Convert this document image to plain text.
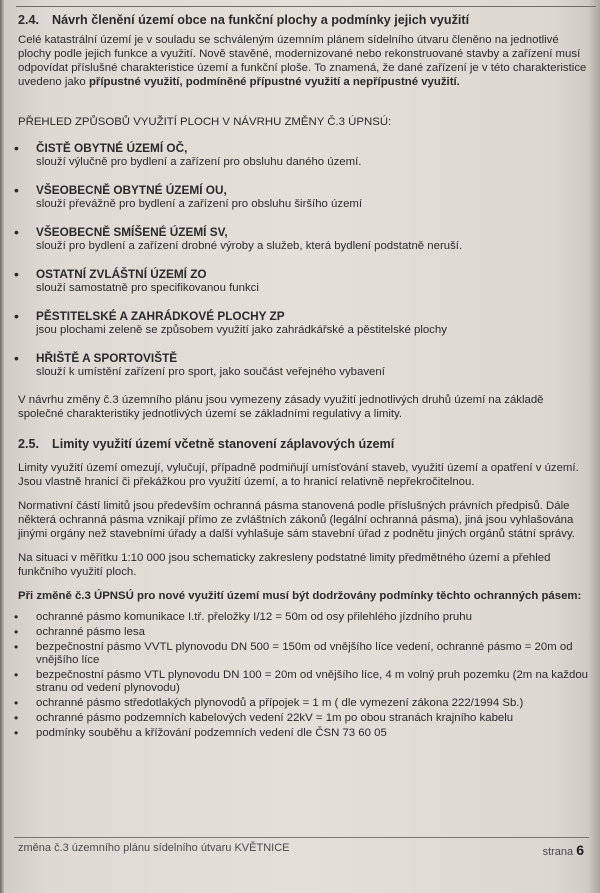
2.4.	Návrh členění území obce na funkční plochy a podmínky jejich využití
Celé katastrální území je v souladu se schváleným územním plánem sídelního útvaru členěno na jednotlivé plochy podle jejich funkce a využití. Nově stavěné, modernizované nebo rekonstruované stavby a zařízení musí odpovídat příslušné charakteristice území a funkční ploše. To znamená, že dané zařízení je v této charakteristice uvedeno jako přípustné využití, podmíněné přípustné využití a nepřípustné využití.
PŘEHLED ZPŮSOBŮ VYUŽITÍ PLOCH V NÁVRHU ZMĚNY Č.3 ÚPNSÚ:
•	ČISTĚ OBYTNÉ ÚZEMÍ OČ,
slouží výlučně pro bydlení a zařízení pro obsluhu daného území.
•	VŠEOBECNĚ OBYTNÉ ÚZEMÍ OU,
slouží převážně pro bydlení a zařízení pro obsluhu širšího území
•	VŠEOBECNĚ SMÍŠENÉ ÚZEMÍ SV,
slouží pro bydlení a zařízení drobné výroby a služeb, která bydlení podstatně neruší.
•	OSTATNÍ ZVLÁŠTNÍ ÚZEMÍ ZO
slouží samostatně pro specifikovanou funkci
•	PĚSTITELSKÉ A ZAHRÁDKOVÉ PLOCHY ZP
jsou plochami zeleně se způsobem využití jako zahrádkářské a pěstitelské plochy
•	HŘIŠTĚ A SPORTOVIŠTĚ
slouží k umístění zařízení pro sport, jako součást veřejného vybavení
V návrhu změny č.3 územního plánu jsou vymezeny zásady využití jednotlivých druhů území na základě společné charakteristiky jednotlivých území se základními regulativy a limity.
2.5.	Limity využití území včetně stanovení záplavových území
Limity využití území omezují, vylučují, případně podmiňují umísťování staveb, využití území a opatření v území. Jsou vlastně hranicí či překážkou pro využití území, a to hranicí relativně nepřekročitelnou.
Normativní částí limitů jsou především ochranná pásma stanovená podle příslušných právních předpisů. Dále některá ochranná pásma vznikají přímo ze zvláštních zákonů (legální ochranná pásma), jiná jsou vyhlašována jinými orgány než stavebními úřady a další vyhlašuje sám stavební úřad z podnětu jiných orgánů státní správy.
Na situaci v měřítku 1:10 000 jsou schematicky zakresleny podstatné limity předmětného území a přehled funkčního využití ploch.
Při změně č.3 ÚPNSÚ pro nové využití území musí být dodržovány podmínky těchto ochranných pásem:
•	ochranné pásmo komunikace I.tř. přeložky I/12 = 50m od osy přilehlého jízdního pruhu
•	ochranné pásmo lesa
•	bezpečnostní pásmo VVTL plynovodu DN 500 = 150m od vnějšího líce vedení, ochranné pásmo = 20m od vnějšího líce
•	bezpečnostní pásmo VTL plynovodu DN 100 = 20m od vnějšího líce, 4 m volný pruh pozemku (2m na každou stranu od vedení plynovodu)
•	ochranné pásmo středotlakých plynovodů a přípojek = 1 m ( dle vymezení zákona 222/1994 Sb.)
•	ochranné pásmo podzemních kabelových vedení 22kV = 1m po obou stranách krajního kabelu
•	podmínky souběhu a křížování podzemních vedení dle ČSN 73 60 05
změna č.3 územního plánu sídelního útvaru KVĚTNICE	strana 6
